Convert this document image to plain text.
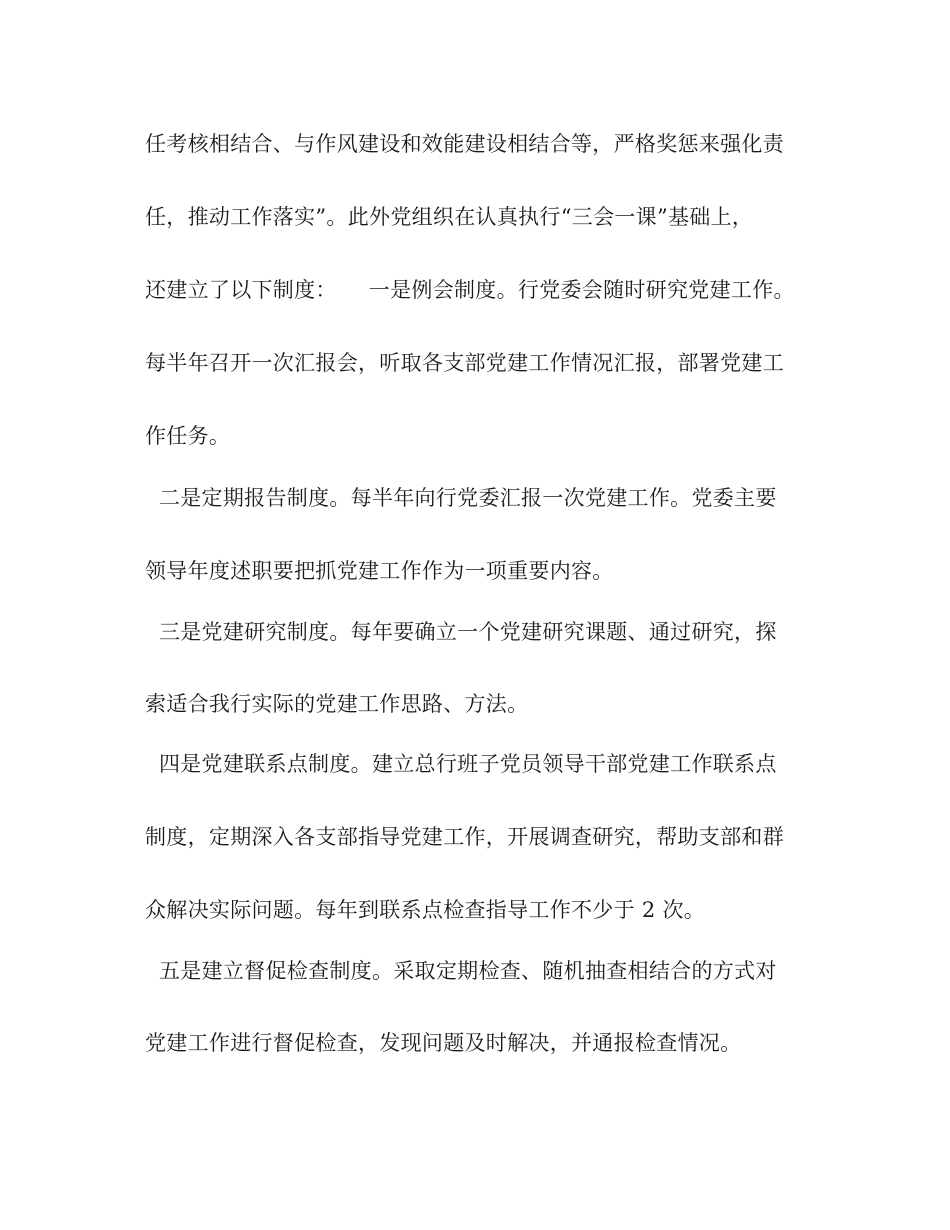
任考核相结合、与作风建设和效能建设相结合等，严格奖惩来强化责
任，推动工作落实”。此外党组织在认真执行“三会一课”基础上，
还建立了以下制度：　　一是例会制度。行党委会随时研究党建工作。
每半年召开一次汇报会，听取各支部党建工作情况汇报，部署党建工
作任务。
二是定期报告制度。每半年向行党委汇报一次党建工作。党委主要
领导年度述职要把抓党建工作作为一项重要内容。
三是党建研究制度。每年要确立一个党建研究课题、通过研究，探
索适合我行实际的党建工作思路、方法。
四是党建联系点制度。建立总行班子党员领导干部党建工作联系点
制度，定期深入各支部指导党建工作，开展调查研究，帮助支部和群
众解决实际问题。每年到联系点检查指导工作不少于 2 次。
五是建立督促检查制度。采取定期检查、随机抽查相结合的方式对
党建工作进行督促检查，发现问题及时解决，并通报检查情况。
